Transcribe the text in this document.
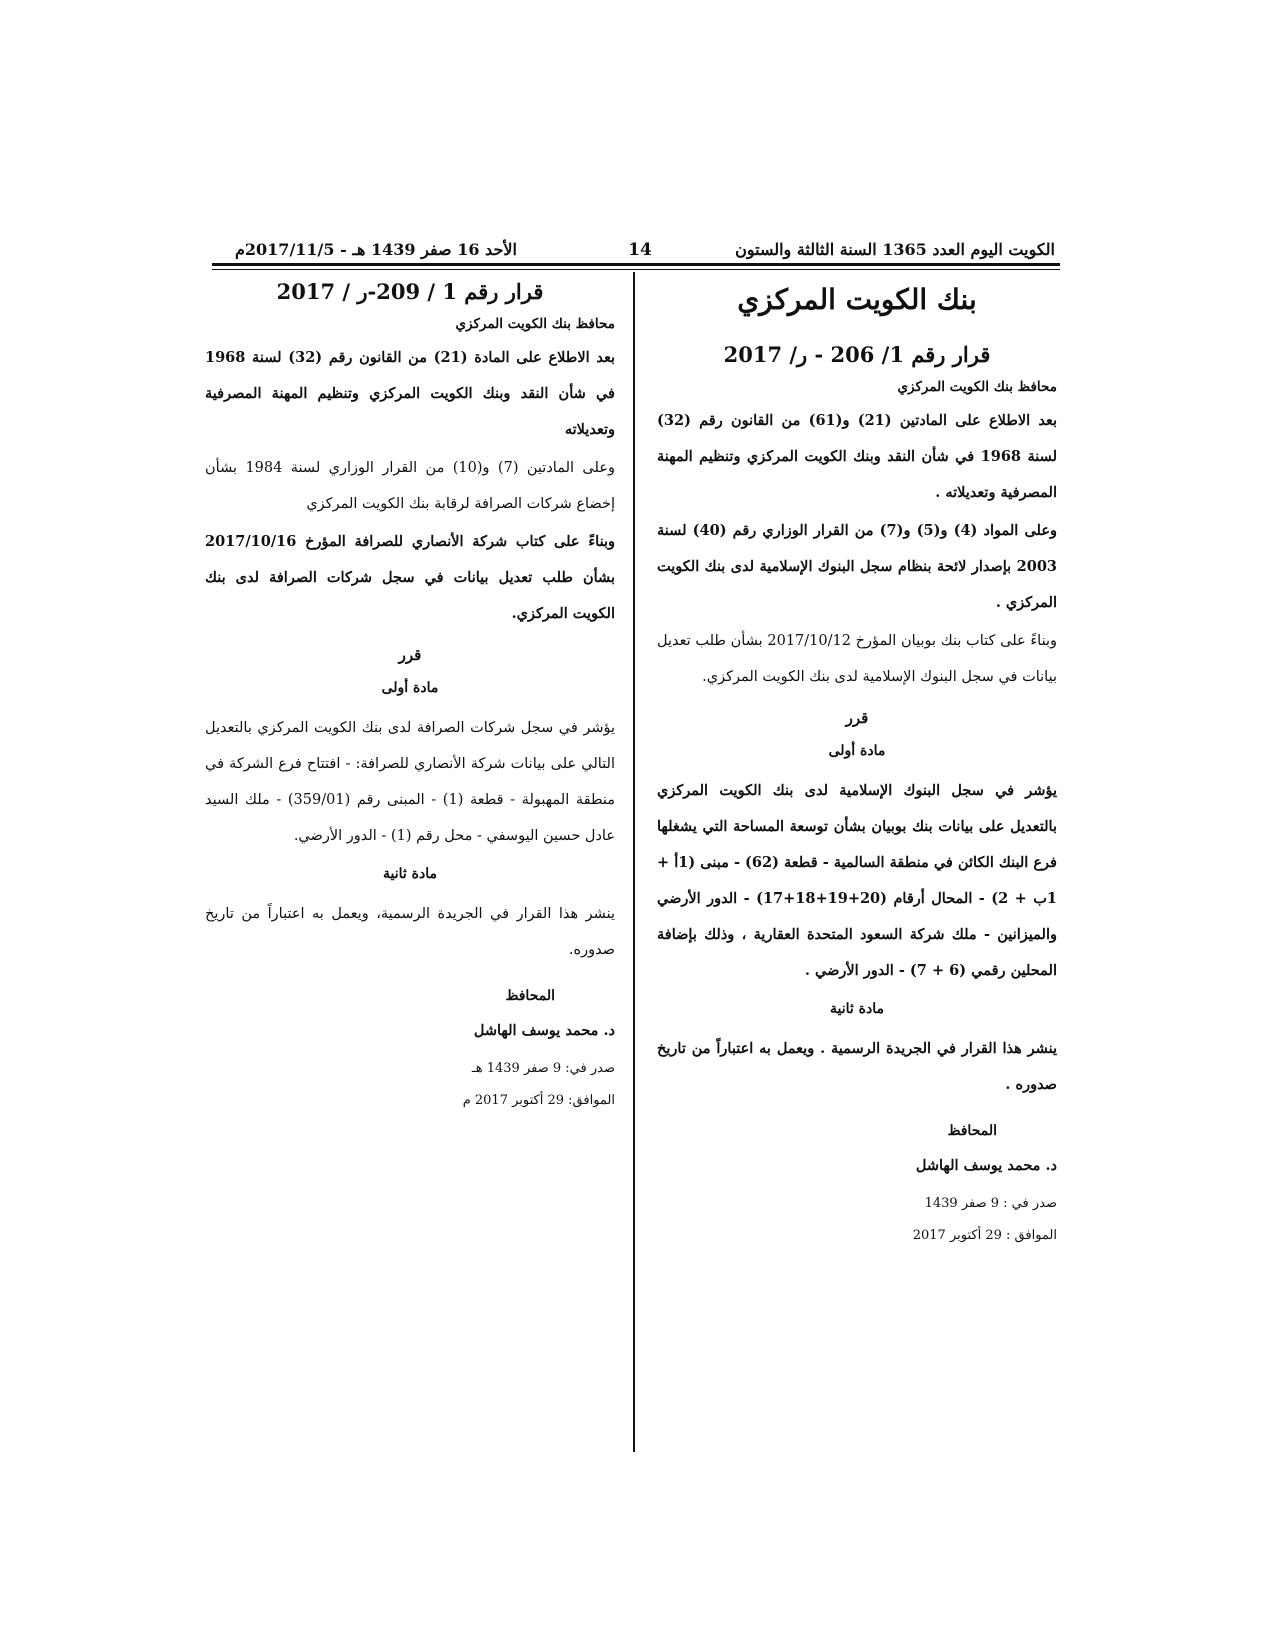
الكويت اليوم العدد 1365 السنة الثالثة والستون
14
الأحد 16 صفر 1439 هـ - 2017/11/5م
بنك الكويت المركزي
قرار رقم 1/ 206 - ر/ 2017
محافظ بنك الكويت المركزي
بعد الاطلاع على المادتين (21) و(61) من القانون رقم (32) لسنة 1968 في شأن النقد وبنك الكويت المركزي وتنظيم المهنة المصرفية وتعديلاته .
وعلى المواد (4) و(5) و(7) من القرار الوزاري رقم (40) لسنة 2003 بإصدار لائحة بنظام سجل البنوك الإسلامية لدى بنك الكويت المركزي .
وبناءً على كتاب بنك بوبيان المؤرخ 2017/10/12 بشأن طلب تعديل بيانات في سجل البنوك الإسلامية لدى بنك الكويت المركزي.
قرر
مادة أولى
يؤشر في سجل البنوك الإسلامية لدى بنك الكويت المركزي بالتعديل على بيانات بنك بوبيان بشأن توسعة المساحة التي يشغلها فرع البنك الكائن في منطقة السالمية - قطعة (62) - مبنى (1أ + 1ب + 2) - المحال أرقام (20+19+18+17) - الدور الأرضي والميزانين - ملك شركة السعود المتحدة العقارية ، وذلك بإضافة المحلين رقمي (6 + 7) - الدور الأرضي .
مادة ثانية
ينشر هذا القرار في الجريدة الرسمية . ويعمل به اعتباراً من تاريخ صدوره .
المحافظ
د. محمد يوسف الهاشل
صدر في : 9 صفر 1439
الموافق : 29 أكتوبر 2017
قرار رقم 1 / 209-ر / 2017
محافظ بنك الكويت المركزي
بعد الاطلاع على المادة (21) من القانون رقم (32) لسنة 1968 في شأن النقد وبنك الكويت المركزي وتنظيم المهنة المصرفية وتعديلاته
وعلى المادتين (7) و(10) من القرار الوزاري لسنة 1984 بشأن إخضاع شركات الصرافة لرقابة بنك الكويت المركزي
وبناءً على كتاب شركة الأنصاري للصرافة المؤرخ 2017/10/16 بشأن طلب تعديل بيانات في سجل شركات الصرافة لدى بنك الكويت المركزي.
قرر
مادة أولى
يؤشر في سجل شركات الصرافة لدى بنك الكويت المركزي بالتعديل التالي على بيانات شركة الأنصاري للصرافة: - افتتاح فرع الشركة في منطقة المهبولة - قطعة (1) - المبنى رقم (359/01) - ملك السيد عادل حسين اليوسفي - محل رقم (1) - الدور الأرضي.
مادة ثانية
ينشر هذا القرار في الجريدة الرسمية، ويعمل به اعتباراً من تاريخ صدوره.
المحافظ
د. محمد يوسف الهاشل
صدر في: 9 صفر 1439 هـ
الموافق: 29 أكتوبر 2017 م
